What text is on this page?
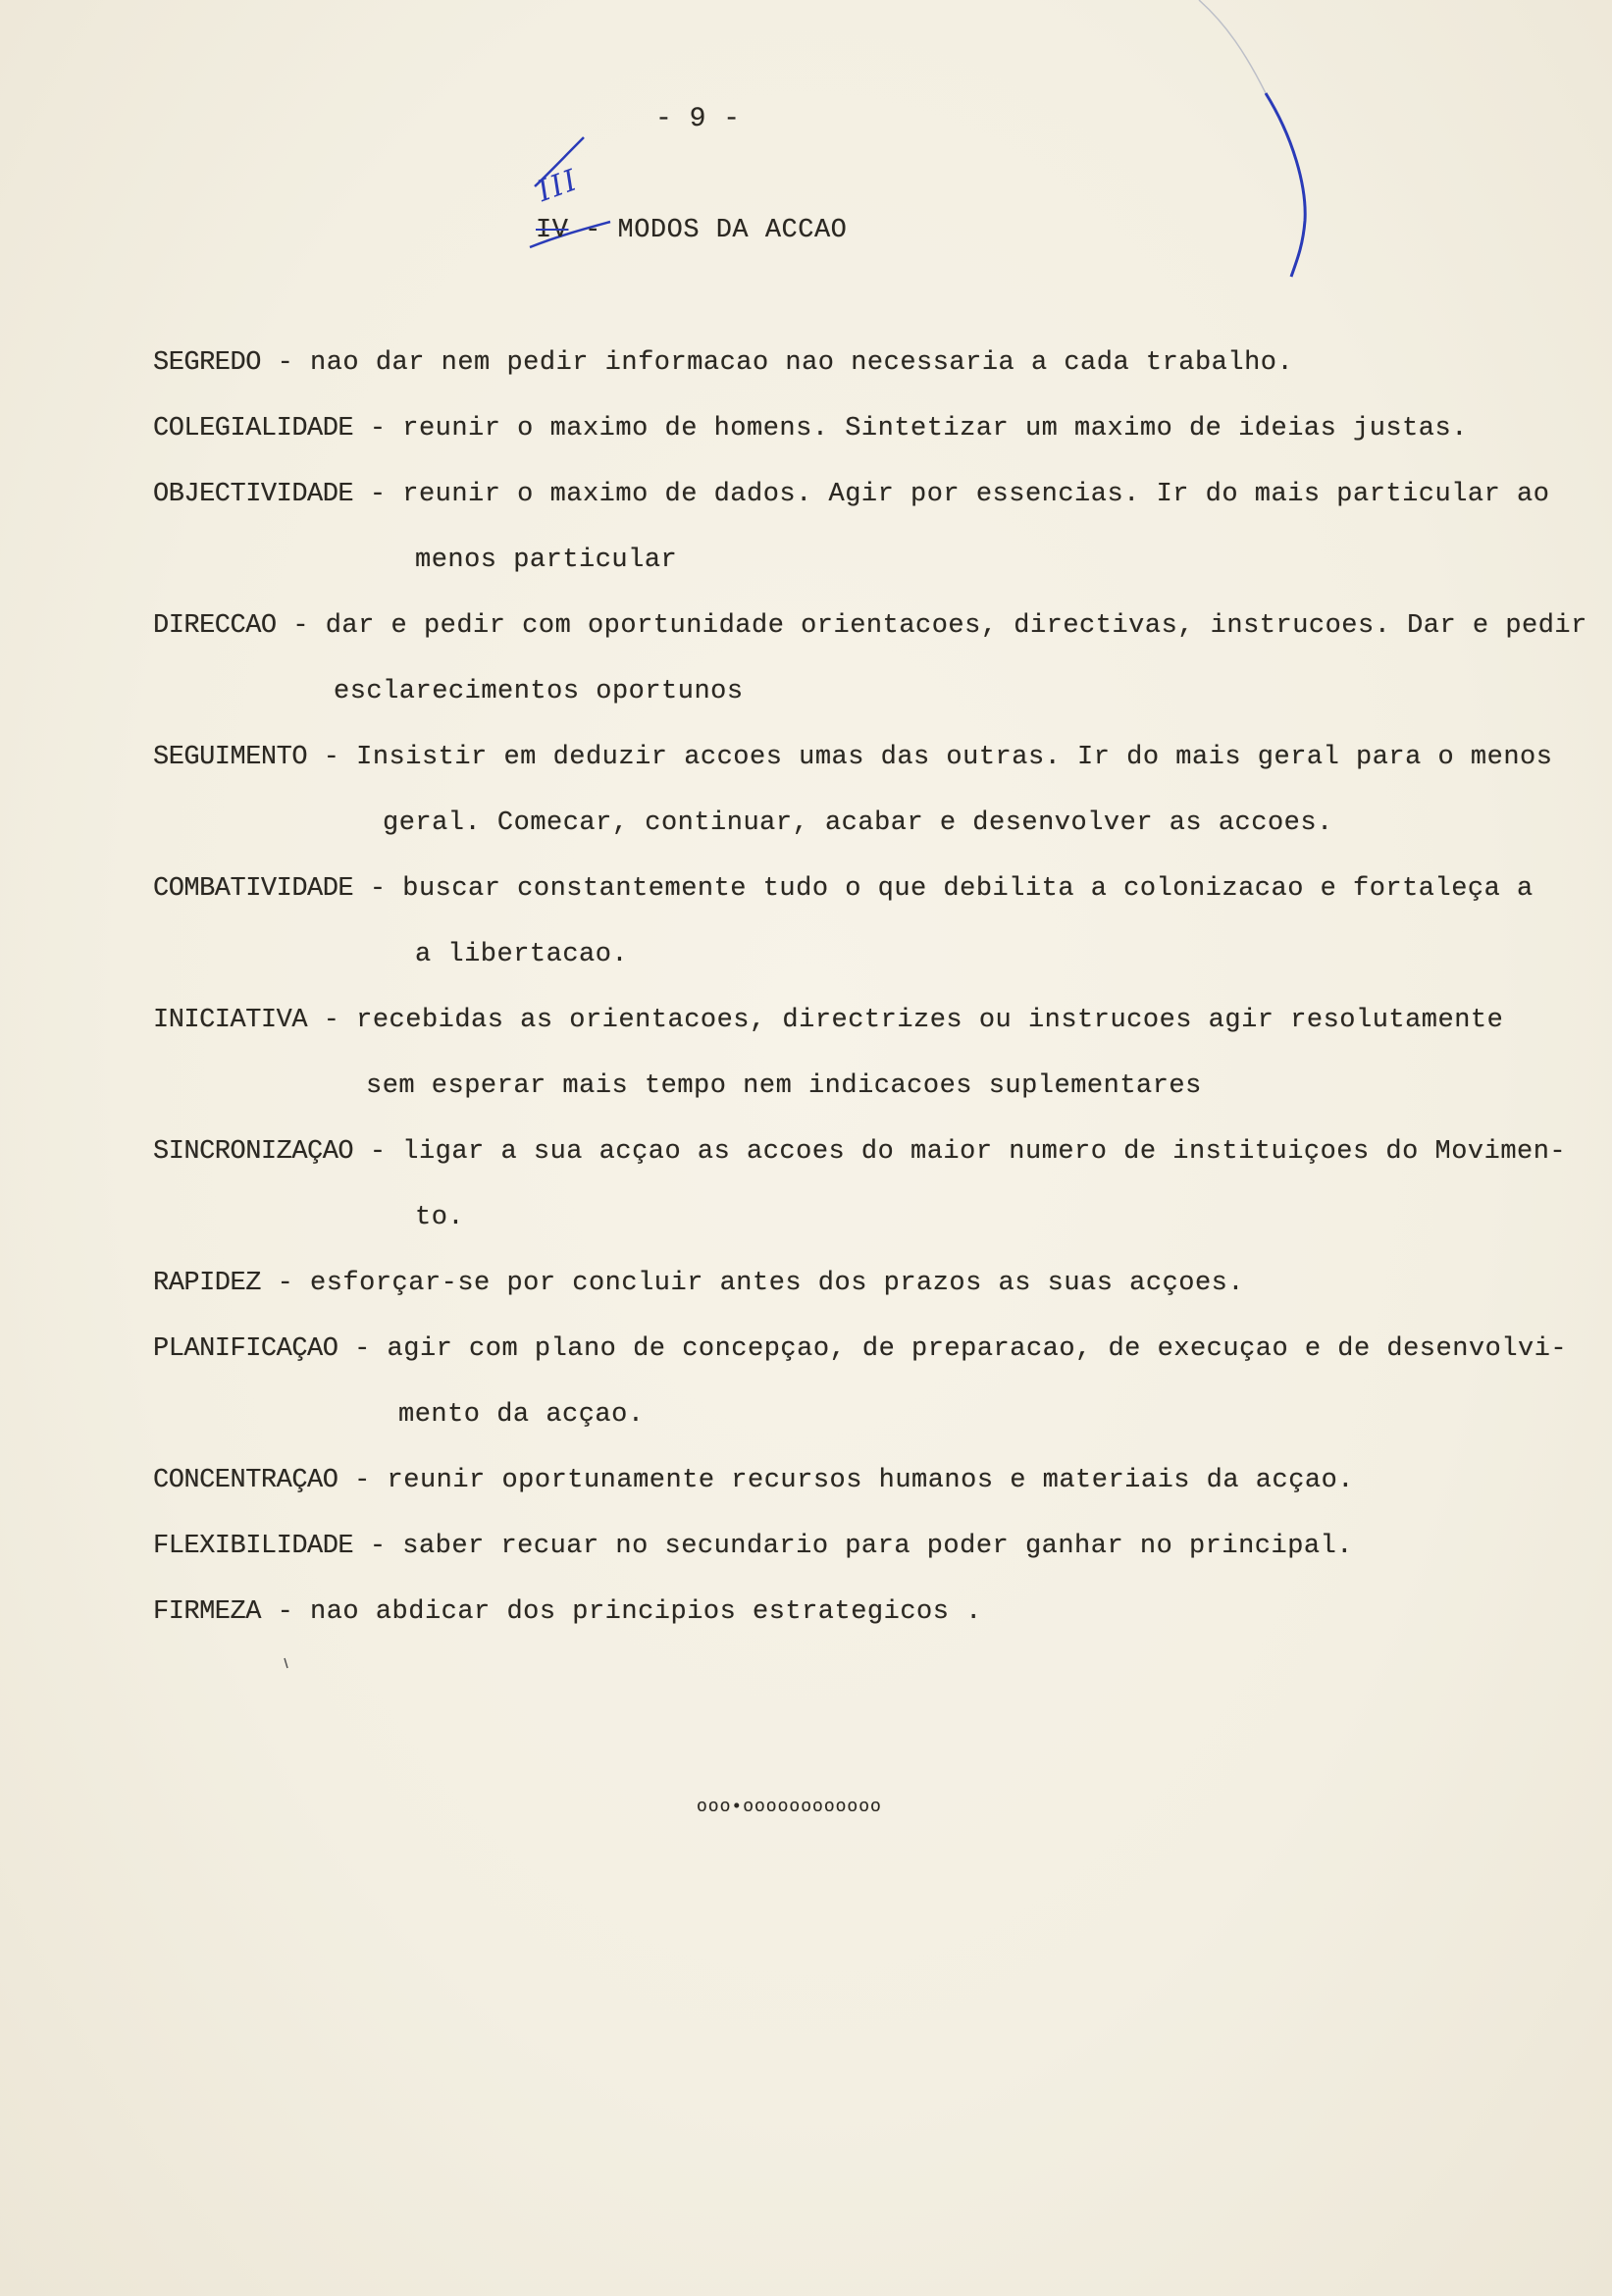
- 9 -
III
IV - MODOS DA ACCAO
SEGREDO - nao dar nem pedir informacao nao necessaria a cada trabalho.
COLEGIALIDADE - reunir o maximo de homens. Sintetizar um maximo de ideias justas.
OBJECTIVIDADE - reunir o maximo de dados. Agir por essencias. Ir do mais particular ao
menos particular
DIRECCAO - dar e pedir com oportunidade orientacoes, directivas, instrucoes. Dar e pedir
esclarecimentos oportunos
SEGUIMENTO - Insistir em deduzir accoes umas das outras. Ir do mais geral para o menos
geral. Comecar, continuar, acabar e desenvolver as accoes.
COMBATIVIDADE - buscar constantemente tudo o que debilita a colonizacao e fortaleça a
a libertacao.
INICIATIVA - recebidas as orientacoes, directrizes ou instrucoes agir resolutamente
sem esperar mais tempo nem indicacoes suplementares
SINCRONIZAÇAO - ligar a sua acçao as accoes do maior numero de instituiçoes do Movimen-
to.
RAPIDEZ - esforçar-se por concluir antes dos prazos as suas acçoes.
PLANIFICAÇAO - agir com plano de concepçao, de preparacao, de execuçao e de desenvolvi-
mento da acçao.
CONCENTRAÇAO - reunir oportunamente recursos humanos e materiais da acçao.
FLEXIBILIDADE - saber recuar no secundario para poder ganhar no principal.
FIRMEZA - nao abdicar dos principios estrategicos .
ooo•oooooooooooo
